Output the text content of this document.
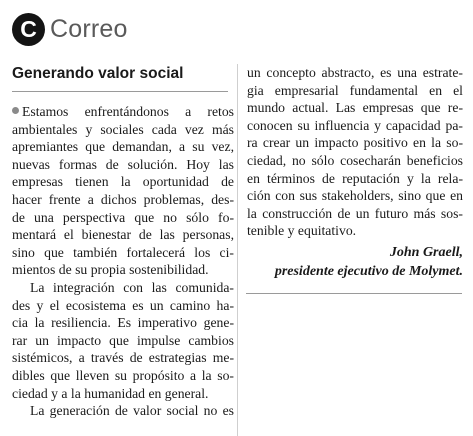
C Correo
Generando valor social
Estamos enfrentándonos a retos
ambientales y sociales cada vez más
apremiantes que demandan, a su vez,
nuevas formas de solución. Hoy las
empresas tienen la oportunidad de
hacer frente a dichos problemas, des-
de una perspectiva que no sólo fo-
mentará el bienestar de las personas,
sino que también fortalecerá los ci-
mientos de su propia sostenibilidad.
La integración con las comunida-
des y el ecosistema es un camino ha-
cia la resiliencia. Es imperativo gene-
rar un impacto que impulse cambios
sistémicos, a través de estrategias me-
dibles que lleven su propósito a la so-
ciedad y a la humanidad en general.
La generación de valor social no es
un concepto abstracto, es una estrate-
gia empresarial fundamental en el
mundo actual. Las empresas que re-
conocen su influencia y capacidad pa-
ra crear un impacto positivo en la so-
ciedad, no sólo cosecharán beneficios
en términos de reputación y la rela-
ción con sus stakeholders, sino que en
la construcción de un futuro más sos-
tenible y equitativo.
John Graell,
presidente ejecutivo de Molymet.
